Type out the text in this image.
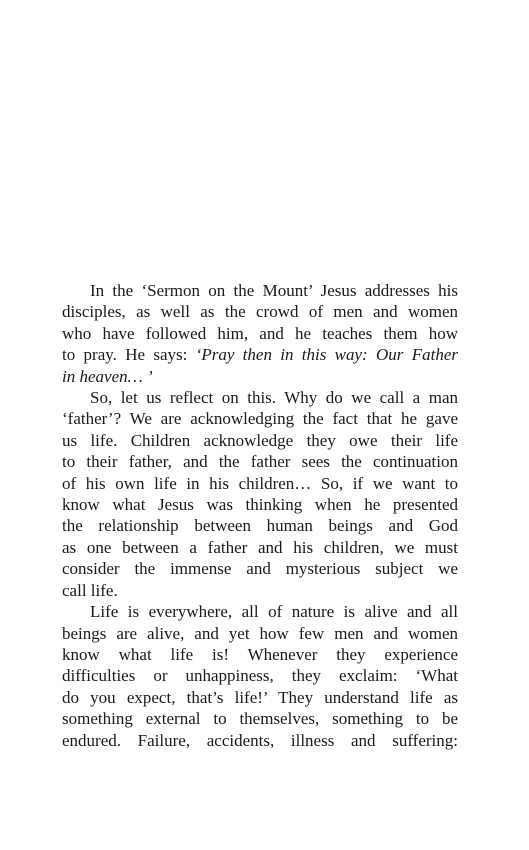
In the ‘Sermon on the Mount’ Jesus addresses his
disciples, as well as the crowd of men and women
who have followed him, and he teaches them how
to pray. He says: ‘Pray then in this way: Our Father
in heaven… ’
So, let us reflect on this. Why do we call a man
‘father’? We are acknowledging the fact that he gave
us life. Children acknowledge they owe their life
to their father, and the father sees the continuation
of his own life in his children… So, if we want to
know what Jesus was thinking when he presented
the relationship between human beings and God
as one between a father and his children, we must
consider the immense and mysterious subject we
call life.
Life is everywhere, all of nature is alive and all
beings are alive, and yet how few men and women
know what life is! Whenever they experience
difficulties or unhappiness, they exclaim: ‘What
do you expect, that’s life!’ They understand life as
something external to themselves, something to be
endured. Failure, accidents, illness and suffering:
